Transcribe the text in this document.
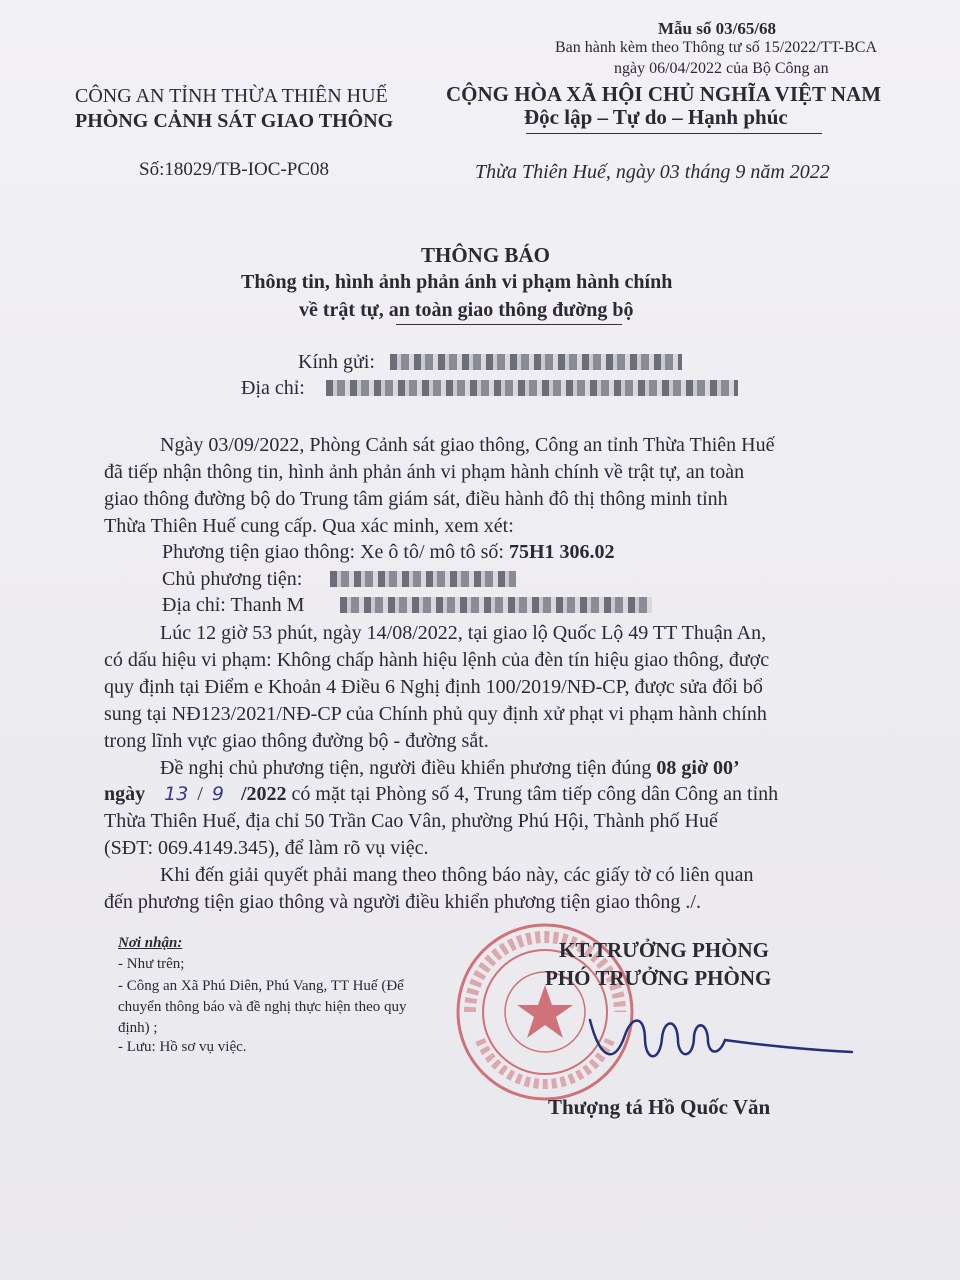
Mẫu số 03/65/68
Ban hành kèm theo Thông tư số 15/2022/TT-BCA
ngày 06/04/2022 của Bộ Công an
CÔNG AN TỈNH THỪA THIÊN HUẾ
PHÒNG CẢNH SÁT GIAO THÔNG
CỘNG HÒA XÃ HỘI CHỦ NGHĨA VIỆT NAM
Độc lập – Tự do – Hạnh phúc
Số:18029/TB-IOC-PC08	Thừa Thiên Huế, ngày 03 tháng 9 năm 2022
THÔNG BÁO
Thông tin, hình ảnh phản ánh vi phạm hành chính
về trật tự, an toàn giao thông đường bộ
Kính gửi:
Địa chỉ:
Ngày 03/09/2022, Phòng Cảnh sát giao thông, Công an tỉnh Thừa Thiên Huế
đã tiếp nhận thông tin, hình ảnh phản ánh vi phạm hành chính về trật tự, an toàn
giao thông đường bộ do Trung tâm giám sát, điều hành đô thị thông minh tỉnh
Thừa Thiên Huế cung cấp. Qua xác minh, xem xét:
Phương tiện giao thông: Xe ô tô/ mô tô số: 75H1 306.02
Chủ phương tiện:
Địa chỉ: Thanh M
Lúc 12 giờ 53 phút, ngày 14/08/2022, tại giao lộ Quốc Lộ 49 TT Thuận An,
có dấu hiệu vi phạm: Không chấp hành hiệu lệnh của đèn tín hiệu giao thông, được
quy định tại Điểm e Khoản 4 Điều 6 Nghị định 100/2019/NĐ-CP, được sửa đổi bổ
sung tại NĐ123/2021/NĐ-CP của Chính phủ quy định xử phạt vi phạm hành chính
trong lĩnh vực giao thông đường bộ - đường sắt.
Đề nghị chủ phương tiện, người điều khiển phương tiện đúng 08 giờ 00’
ngày 13 / 9 /2022 có mặt tại Phòng số 4, Trung tâm tiếp công dân Công an tỉnh
Thừa Thiên Huế, địa chỉ 50 Trần Cao Vân, phường Phú Hội, Thành phố Huế
(SĐT: 069.4149.345), để làm rõ vụ việc.
Khi đến giải quyết phải mang theo thông báo này, các giấy tờ có liên quan
đến phương tiện giao thông và người điều khiển phương tiện giao thông ./.
Nơi nhận:
- Như trên;
- Công an Xã Phú Diên, Phú Vang, TT Huế (Để
chuyển thông báo và đề nghị thực hiện theo quy
định) ;
- Lưu: Hồ sơ vụ việc.
KT.TRƯỞNG PHÒNG
PHÓ TRƯỞNG PHÒNG
Thượng tá Hồ Quốc Văn
